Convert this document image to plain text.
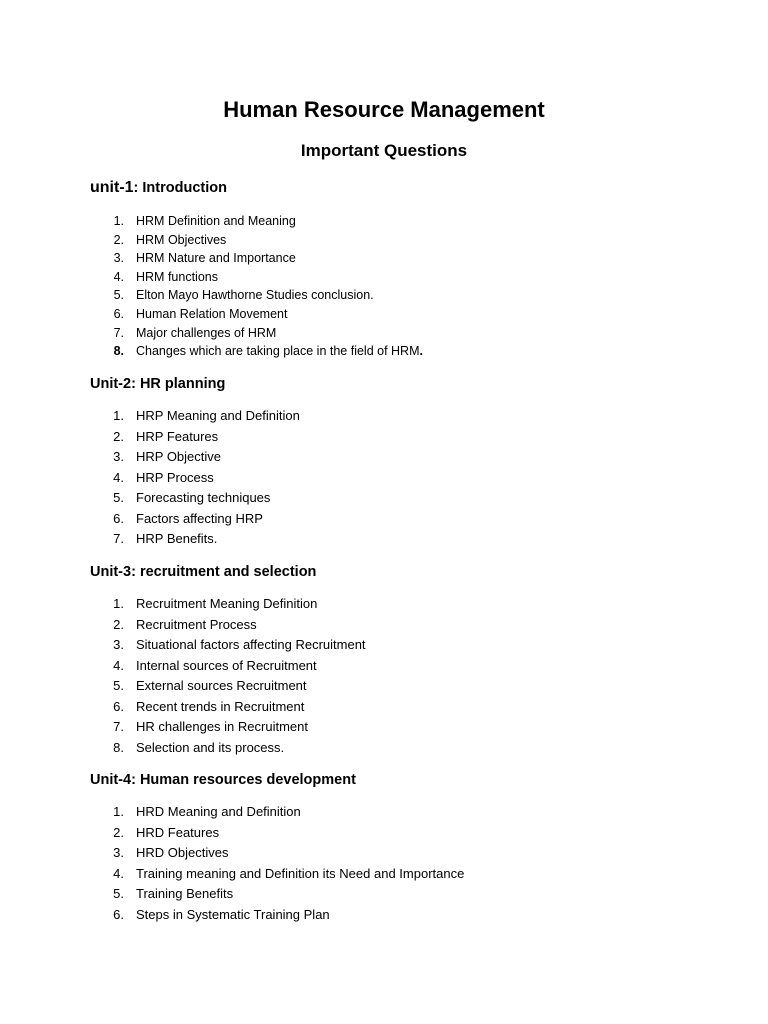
Human Resource Management
Important Questions
unit-1: Introduction
1. HRM Definition and Meaning
2. HRM Objectives
3. HRM Nature and Importance
4. HRM functions
5. Elton Mayo Hawthorne Studies conclusion.
6. Human Relation Movement
7. Major challenges of HRM
8. Changes which are taking place in the field of HRM.
Unit-2: HR planning
1. HRP Meaning and Definition
2. HRP Features
3. HRP Objective
4. HRP Process
5. Forecasting techniques
6. Factors affecting HRP
7. HRP Benefits.
Unit-3: recruitment and selection
1. Recruitment Meaning Definition
2. Recruitment Process
3. Situational factors affecting Recruitment
4. Internal sources of Recruitment
5. External sources Recruitment
6. Recent trends in Recruitment
7. HR challenges in Recruitment
8. Selection and its process.
Unit-4: Human resources development
1. HRD Meaning and Definition
2. HRD Features
3. HRD Objectives
4. Training meaning and Definition its Need and Importance
5. Training Benefits
6. Steps in Systematic Training Plan
